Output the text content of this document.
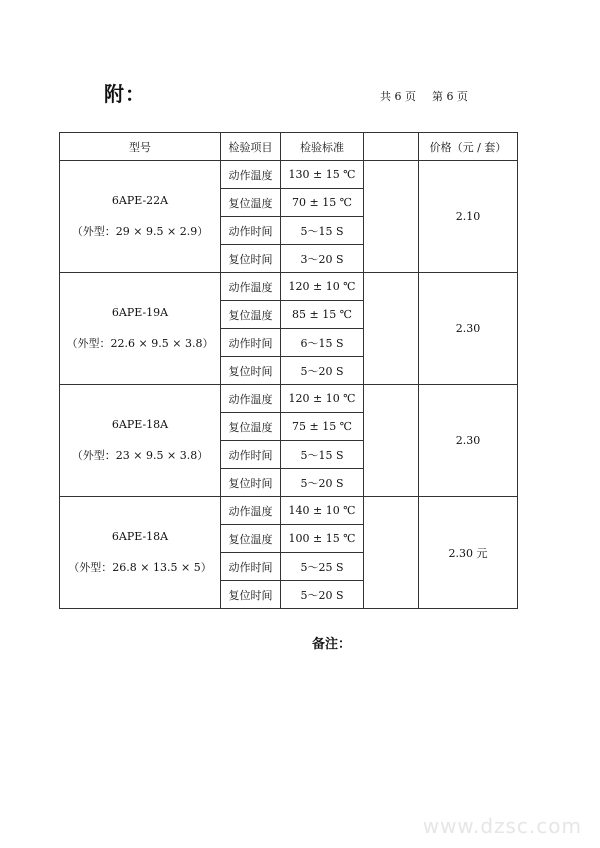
附：	共 6 页 第 6 页
型号	检验项目	检验标准		价格（元 / 套）

6APE-22A
（外型：29 × 9.5 × 2.9）	动作温度	130 ± 15 ℃		2.10
	复位温度	70 ± 15 ℃		
	动作时间	5～15 S		
	复位时间	3～20 S		

6APE-19A
（外型：22.6 × 9.5 × 3.8）	动作温度	120 ± 10 ℃		2.30
	复位温度	85 ± 15 ℃		
	动作时间	6～15 S		
	复位时间	5～20 S		

6APE-18A
（外型：23 × 9.5 × 3.8）	动作温度	120 ± 10 ℃		2.30
	复位温度	75 ± 15 ℃		
	动作时间	5～15 S		
	复位时间	5～20 S		

6APE-18A
（外型：26.8 × 13.5 × 5）	动作温度	140 ± 10 ℃		2.30 元
	复位温度	100 ± 15 ℃		
	动作时间	5～25 S		
	复位时间	5～20 S		
备注：
www.dzsc.com
